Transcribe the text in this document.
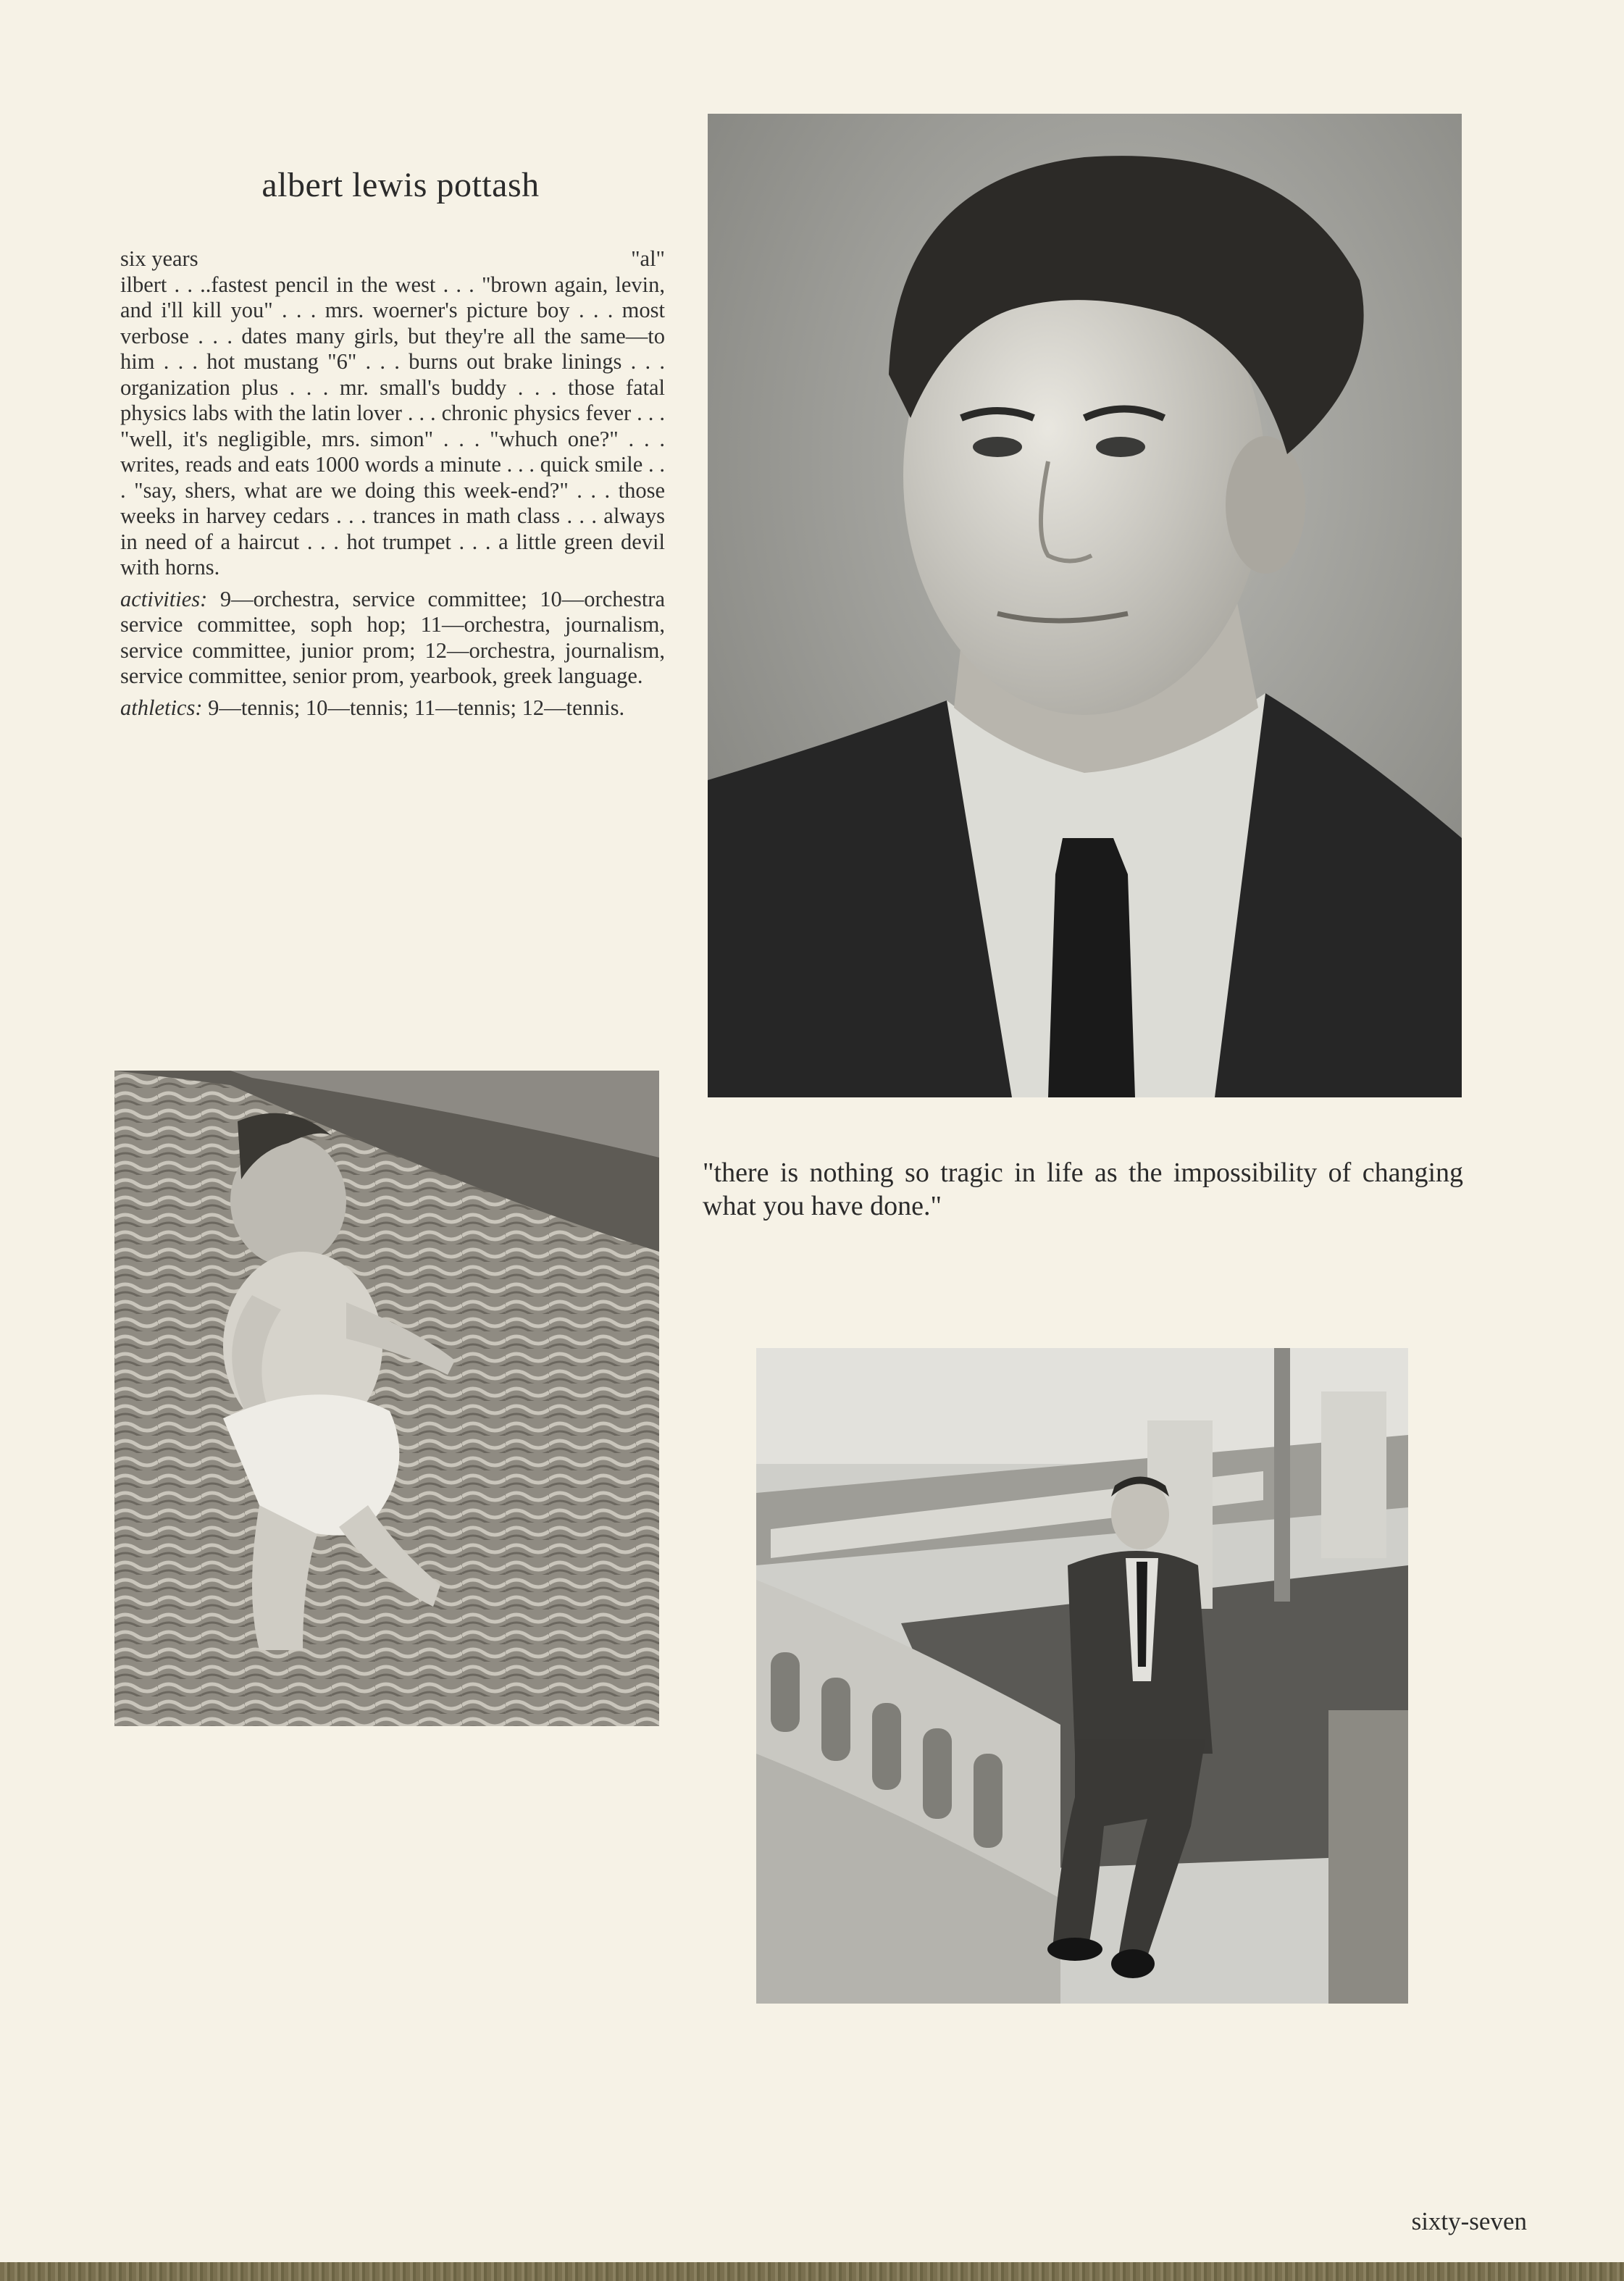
albert lewis pottash
six years	"al"

ilbert . . ..fastest pencil in the west . . . "brown again, levin, and i'll kill you" . . . mrs. woerner's picture boy . . . most verbose . . . dates many girls, but they're all the same—to him . . . hot mustang "6" . . . burns out brake linings . . . organization plus . . . mr. small's buddy . . . those fatal physics labs with the latin lover . . . chronic physics fever . . . "well, it's negligible, mrs. simon" . . . "whuch one?" . . . writes, reads and eats 1000 words a minute . . . quick smile . . . "say, shers, what are we doing this week-end?" . . . those weeks in harvey cedars . . . trances in math class . . . always in need of a haircut . . . hot trumpet . . . a little green devil with horns.

activities: 9—orchestra, service committee; 10—orchestra service committee, soph hop; 11—orchestra, journalism, service committee, junior prom; 12—orchestra, journalism, service committee, senior prom, yearbook, greek language.

athletics: 9—tennis; 10—tennis; 11—tennis; 12—tennis.

"there is nothing so tragic in life as the impossibility of changing what you have done."
sixty-seven
